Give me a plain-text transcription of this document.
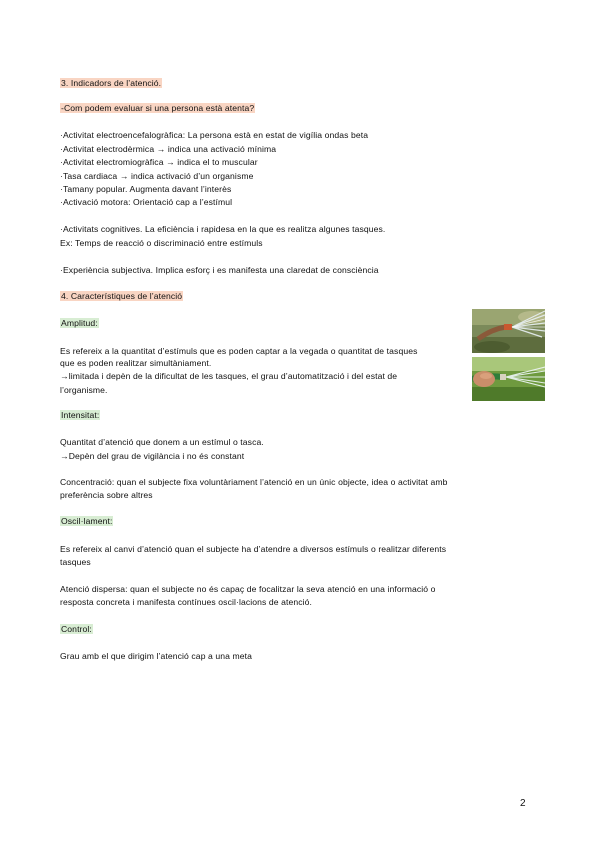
3. Indicadors de l’atenció.
-Com podem evaluar si una persona està atenta?
·Activitat electroencefalogràfica: La persona està en estat de vigília ondas beta
·Activitat electrodèrmica → indica una activació mínima
·Activitat electromiogràfica → indica el to muscular
·Tasa cardiaca → indica activació d’un organisme
·Tamany popular. Augmenta davant l’interès
·Activació motora: Orientació cap a l’estímul
·Activitats cognitives. La eficiència i rapidesa en la que es realitza algunes tasques.
Ex: Temps de reacció o discriminació entre estímuls
·Experiència subjectiva. Implica esforç i es manifesta una claredat de consciència
4. Característiques de l’atenció
Amplitud:
Es refereix a la quantitat d’estímuls que es poden captar a la vegada o quantitat de tasques
que es poden realitzar simultàniament.
→limitada i depèn de la dificultat de les tasques, el grau d’automatització i del estat de
l’organisme.
Intensitat:
Quantitat d’atenció que donem a un estímul o tasca.
→Depèn del grau de vigilància i no és constant
Concentració: quan el subjecte fixa voluntàriament l’atenció en un únic objecte, idea o activitat amb
preferència sobre altres
Oscil·lament:
Es refereix al canvi d’atenció quan el subjecte ha d’atendre a diversos estímuls o realitzar diferents
tasques
Atenció dispersa: quan el subjecte no és capaç de focalitzar la seva atenció en una informació o
resposta concreta i manifesta contínues oscil·lacions de atenció.
Control:
Grau amb el que dirigim l’atenció cap a una meta
2
